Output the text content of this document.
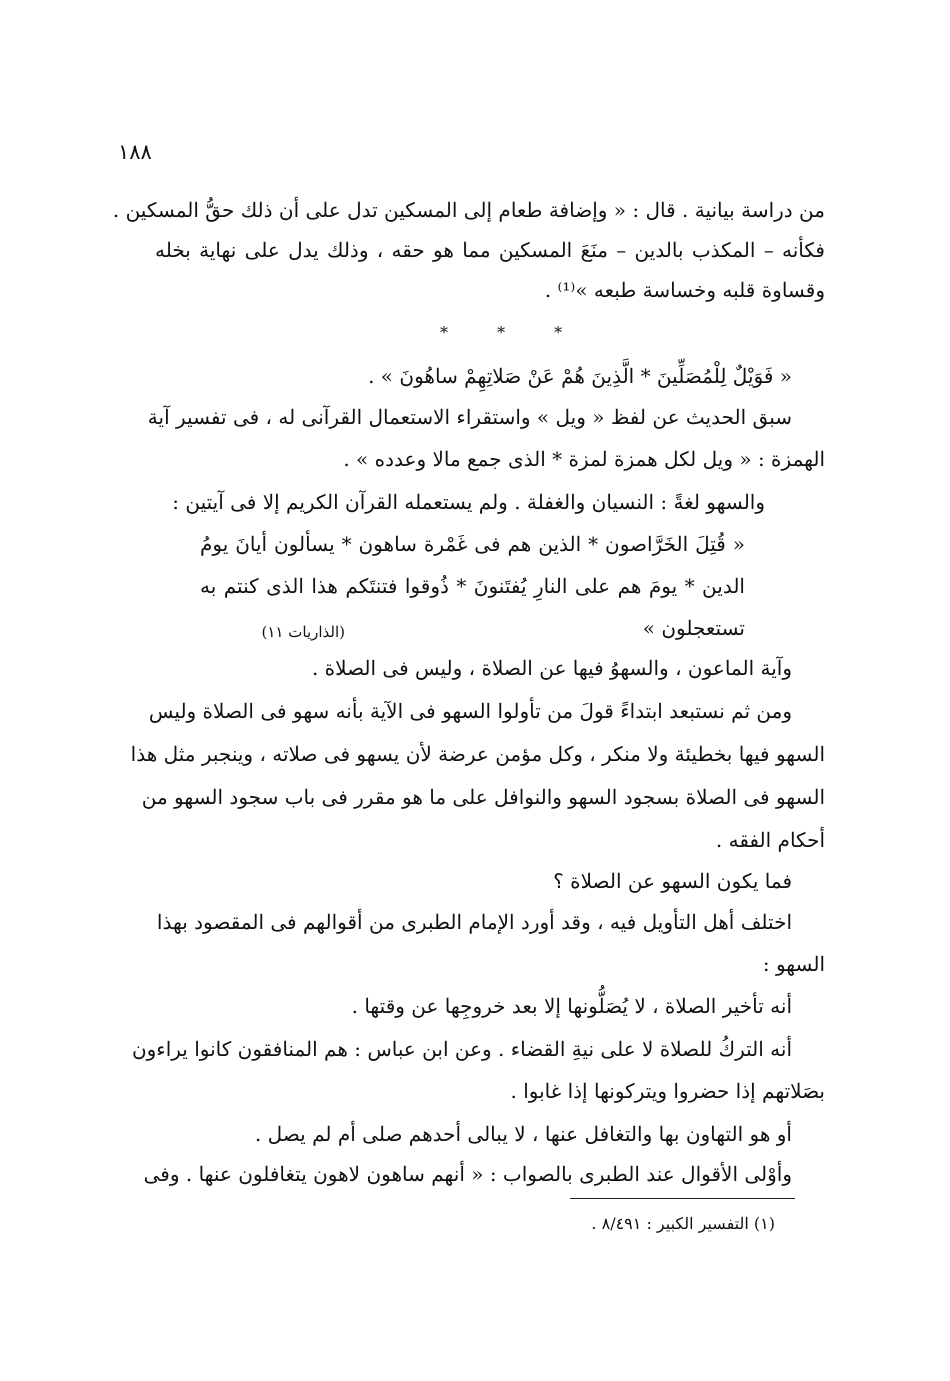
١٨٨
من دراسة بيانية . قال : « وإضافة طعام إلى المسكين تدل على أن ذلك حقُّ المسكين .
فكأنه – المكذب بالدين – منَعَ المسكين مما هو حقه ، وذلك يدل على نهاية بخله
وقساوة قلبه وخساسة طبعه »⁽¹⁾ .
* * *
« فَوَيْلٌ لِلْمُصَلِّينَ * الَّذِينَ هُمْ عَنْ صَلاتِهِمْ ساهُونَ » .
سبق الحديث عن لفظ « ويل » واستقراء الاستعمال القرآنى له ، فى تفسير آية
الهمزة : « ويل لكل همزة لمزة * الذى جمع مالا وعدده » .
والسهو لغةً : النسيان والغفلة . ولم يستعمله القرآن الكريم إلا فى آيتين :
« قُتِلَ الخَرَّاصون * الذين هم فى غَمْرة ساهون * يسألون أيانَ يومُ
الدين * يومَ هم على النارِ يُفتَنونَ * ذُوقوا فتنتَكم هذا الذى كنتم به
تستعجلون »
(الذاريات ١١)
وآية الماعون ، والسهوُ فيها عن الصلاة ، وليس فى الصلاة .
ومن ثم نستبعد ابتداءً قولَ من تأولوا السهو فى الآية بأنه سهو فى الصلاة وليس
السهو فيها بخطيئة ولا منكر ، وكل مؤمن عرضة لأن يسهو فى صلاته ، وينجبر مثل هذا
السهو فى الصلاة بسجود السهو والنوافل على ما هو مقرر فى باب سجود السهو من
أحكام الفقه .
فما يكون السهو عن الصلاة ؟
اختلف أهل التأويل فيه ، وقد أورد الإمام الطبرى من أقوالهم فى المقصود بهذا
السهو :
أنه تأخير الصلاة ، لا يُصَلُّونها إلا بعد خروجِها عن وقتها .
أنه التركُ للصلاة لا على نيةِ القضاء . وعن ابن عباس : هم المنافقون كانوا يراءون
بصَلاتهم إذا حضروا ويتركونها إذا غابوا .
أو هو التهاون بها والتغافل عنها ، لا يبالى أحدهم صلى أم لم يصل .
وأوْلى الأقوال عند الطبرى بالصواب : « أنهم ساهون لاهون يتغافلون عنها . وفى
(١) التفسير الكبير : ٨/٤٩١ .
